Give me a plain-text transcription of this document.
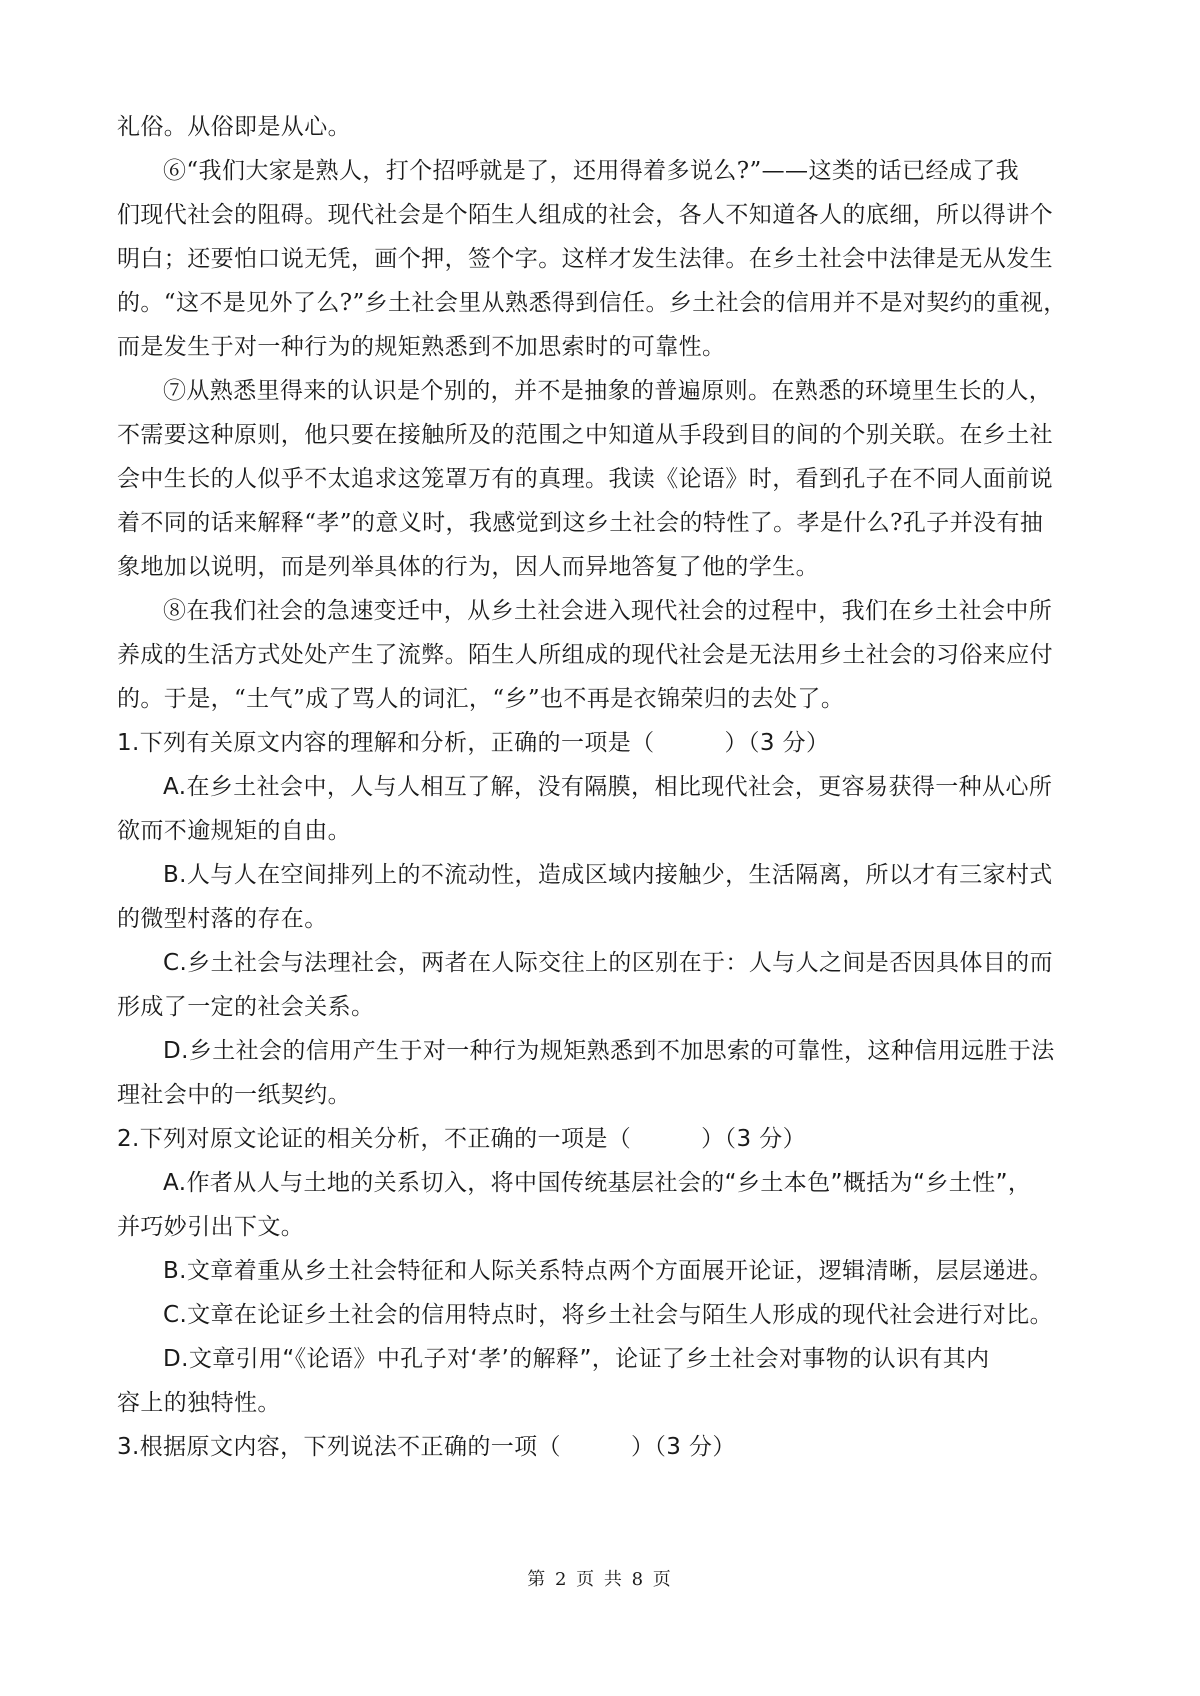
礼俗。从俗即是从心。
⑥“我们大家是熟人，打个招呼就是了，还用得着多说么?”——这类的话已经成了我
们现代社会的阻碍。现代社会是个陌生人组成的社会，各人不知道各人的底细，所以得讲个
明白；还要怕口说无凭，画个押，签个字。这样才发生法律。在乡土社会中法律是无从发生
的。“这不是见外了么?”乡土社会里从熟悉得到信任。乡土社会的信用并不是对契约的重视，
而是发生于对一种行为的规矩熟悉到不加思索时的可靠性。
⑦从熟悉里得来的认识是个别的，并不是抽象的普遍原则。在熟悉的环境里生长的人，
不需要这种原则，他只要在接触所及的范围之中知道从手段到目的间的个别关联。在乡土社
会中生长的人似乎不太追求这笼罩万有的真理。我读《论语》时，看到孔子在不同人面前说
着不同的话来解释“孝”的意义时，我感觉到这乡土社会的特性了。孝是什么?孔子并没有抽
象地加以说明，而是列举具体的行为，因人而异地答复了他的学生。
⑧在我们社会的急速变迁中，从乡土社会进入现代社会的过程中，我们在乡土社会中所
养成的生活方式处处产生了流弊。陌生人所组成的现代社会是无法用乡土社会的习俗来应付
的。于是，“土气”成了骂人的词汇，“乡”也不再是衣锦荣归的去处了。
1.下列有关原文内容的理解和分析，正确的一项是（	）（3 分）
A.在乡土社会中，人与人相互了解，没有隔膜，相比现代社会，更容易获得一种从心所
欲而不逾规矩的自由。
B.人与人在空间排列上的不流动性，造成区域内接触少，生活隔离，所以才有三家村式
的微型村落的存在。
C.乡土社会与法理社会，两者在人际交往上的区别在于：人与人之间是否因具体目的而
形成了一定的社会关系。
D.乡土社会的信用产生于对一种行为规矩熟悉到不加思索的可靠性，这种信用远胜于法
理社会中的一纸契约。
2.下列对原文论证的相关分析，不正确的一项是（	）（3 分）
A.作者从人与土地的关系切入，将中国传统基层社会的“乡土本色”概括为“乡土性”，
并巧妙引出下文。
B.文章着重从乡土社会特征和人际关系特点两个方面展开论证，逻辑清晰，层层递进。
C.文章在论证乡土社会的信用特点时，将乡土社会与陌生人形成的现代社会进行对比。
D.文章引用“《论语》中孔子对‘孝’的解释”，论证了乡土社会对事物的认识有其内
容上的独特性。
3.根据原文内容，下列说法不正确的一项（	）（3 分）
第 2 页 共 8 页
